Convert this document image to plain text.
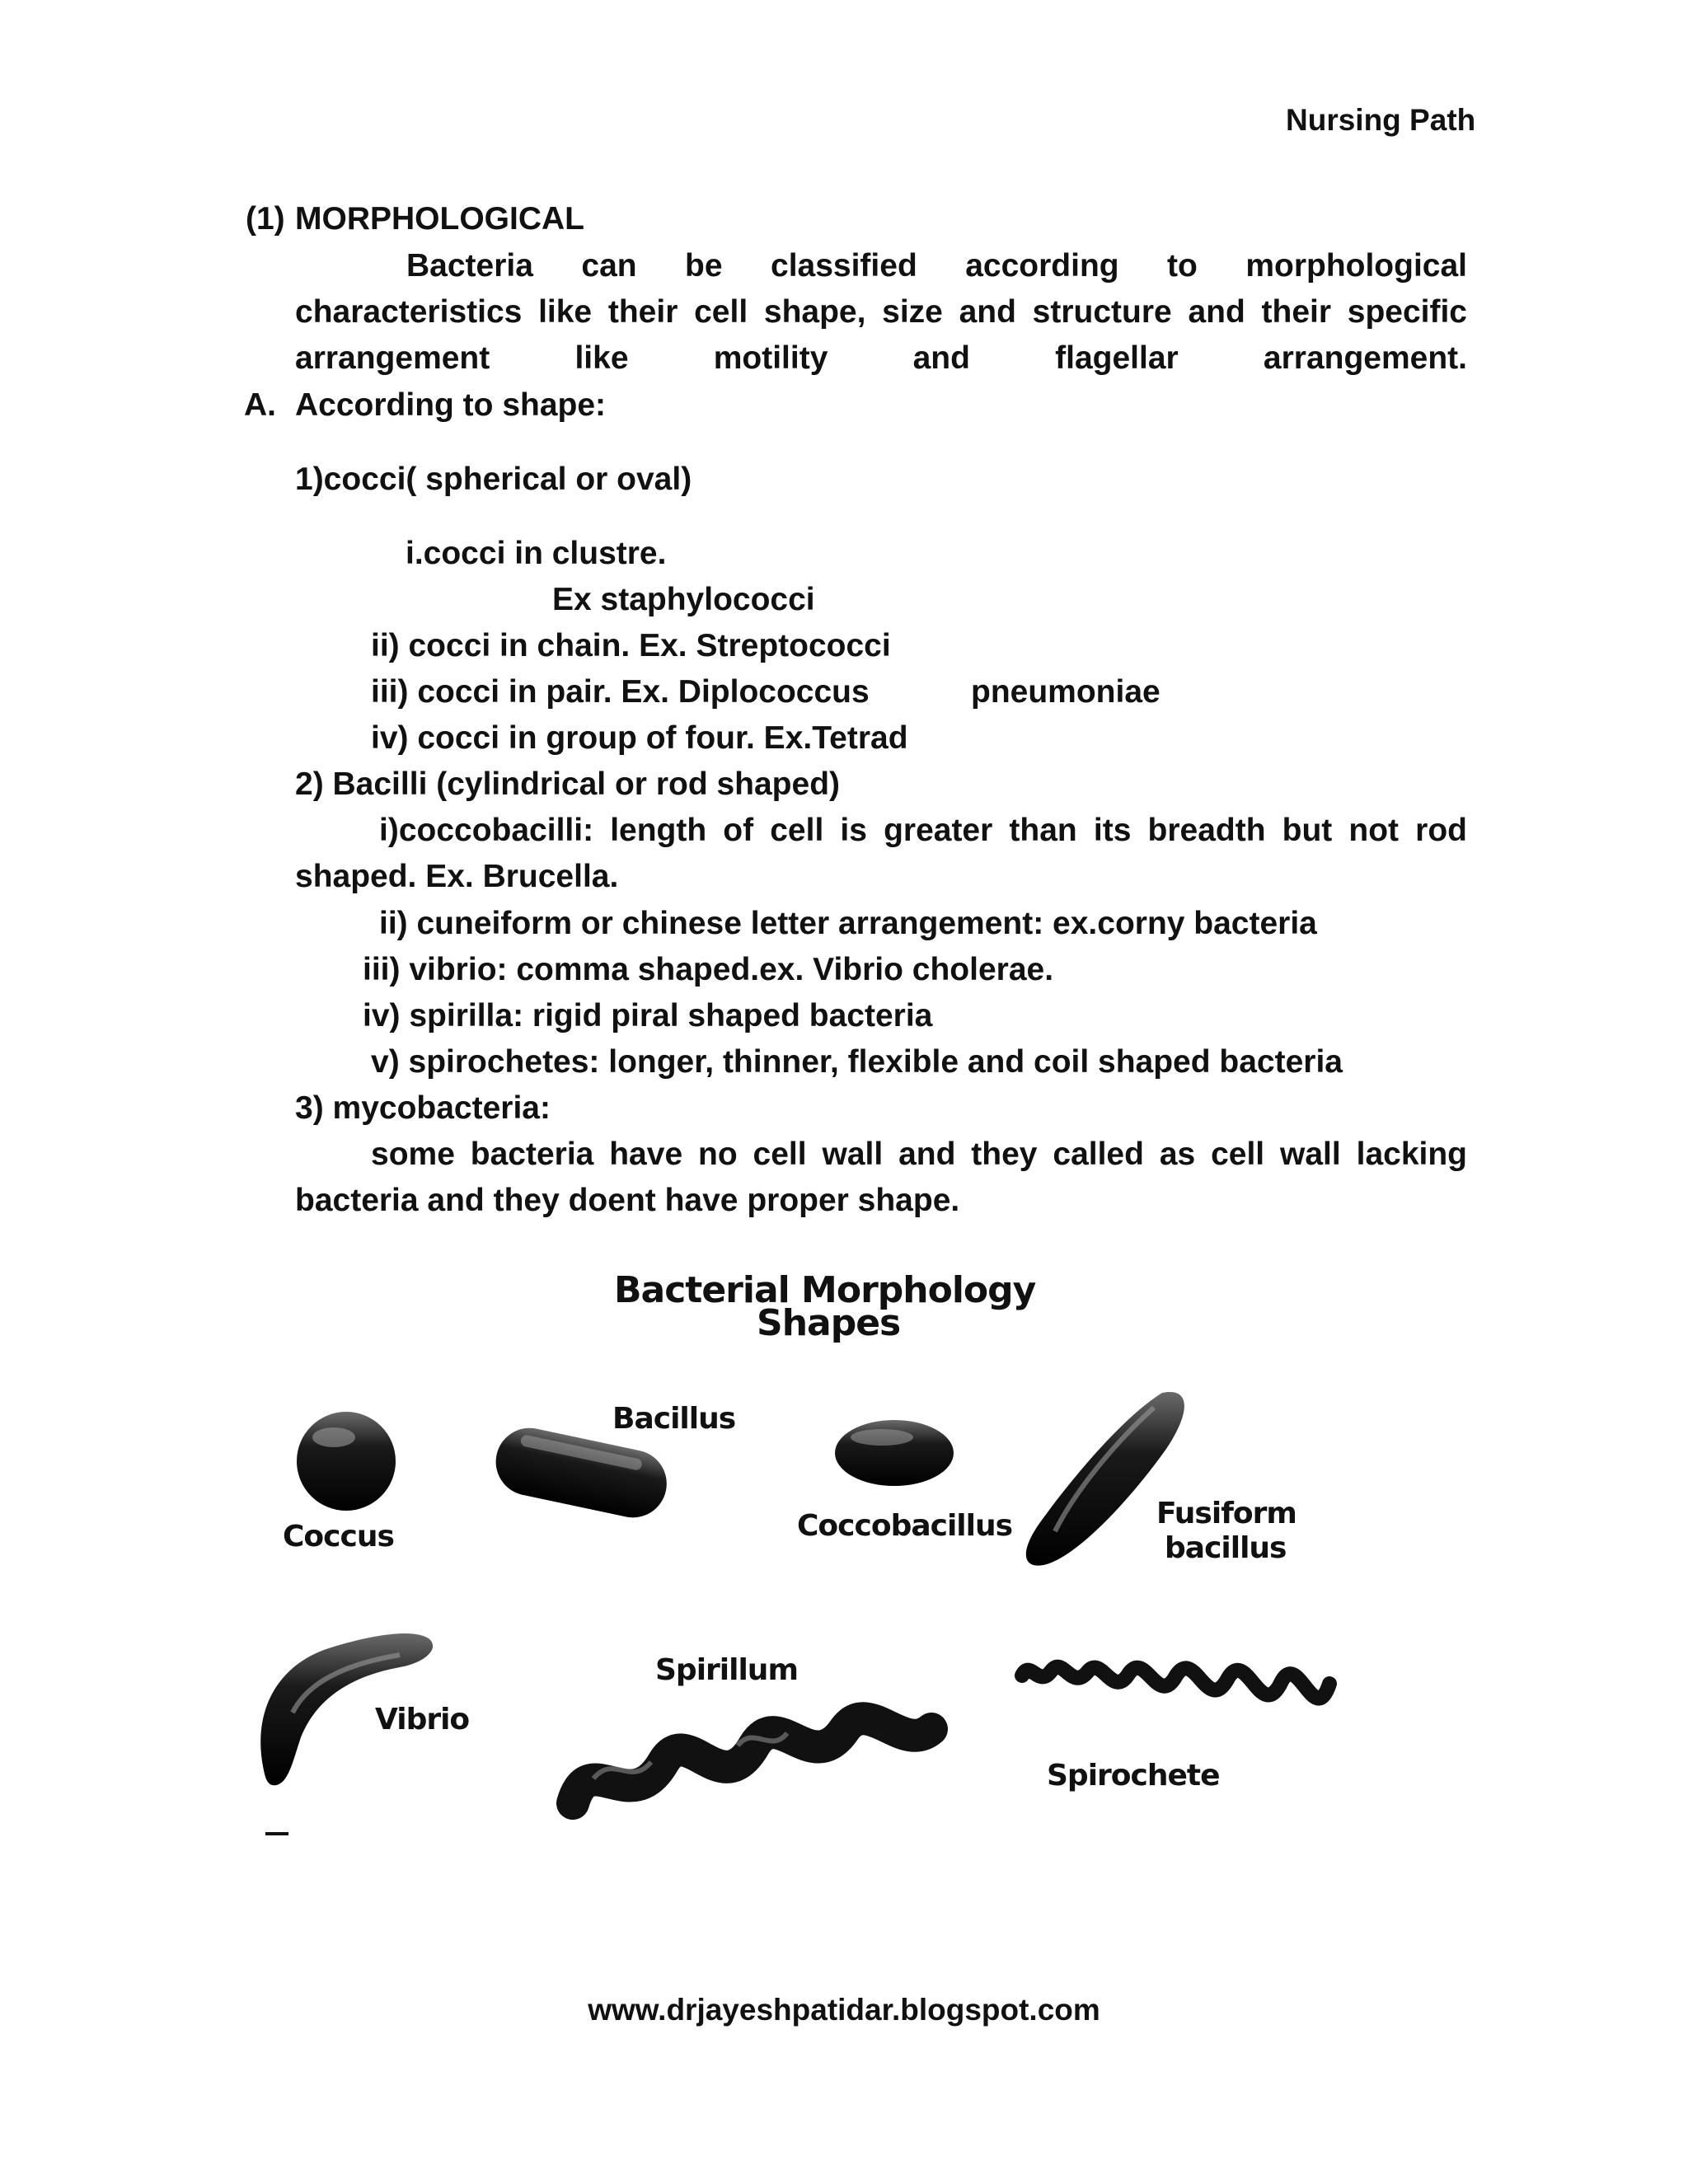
Nursing Path
(1) MORPHOLOGICAL
Bacteria can be classified according to morphological characteristics like their cell shape, size and structure and their specific arrangement like motility and flagellar arrangement.
A. According to shape:
1)cocci( spherical or oval)
i.cocci in clustre.
Ex staphylococci
ii) cocci in chain. Ex. Streptococci
iii) cocci in pair. Ex. Diplococcus	pneumoniae
iv) cocci in group of four. Ex.Tetrad
2) Bacilli (cylindrical or rod shaped)
i)coccobacilli: length of cell is greater than its breadth but not rod
shaped. Ex. Brucella.
ii) cuneiform or chinese letter arrangement: ex.corny bacteria
iii) vibrio: comma shaped.ex. Vibrio cholerae.
iv) spirilla: rigid piral shaped bacteria
v) spirochetes: longer, thinner, flexible and coil shaped bacteria
3) mycobacteria:
some bacteria have no cell wall and they called as cell wall lacking
bacteria and they doent have proper shape.
Bacterial Morphology
Shapes
Coccus
Bacillus
Coccobacillus	Fusiform
bacillus
Vibrio
Spirillum
Spirochete
www.drjayeshpatidar.blogspot.com
